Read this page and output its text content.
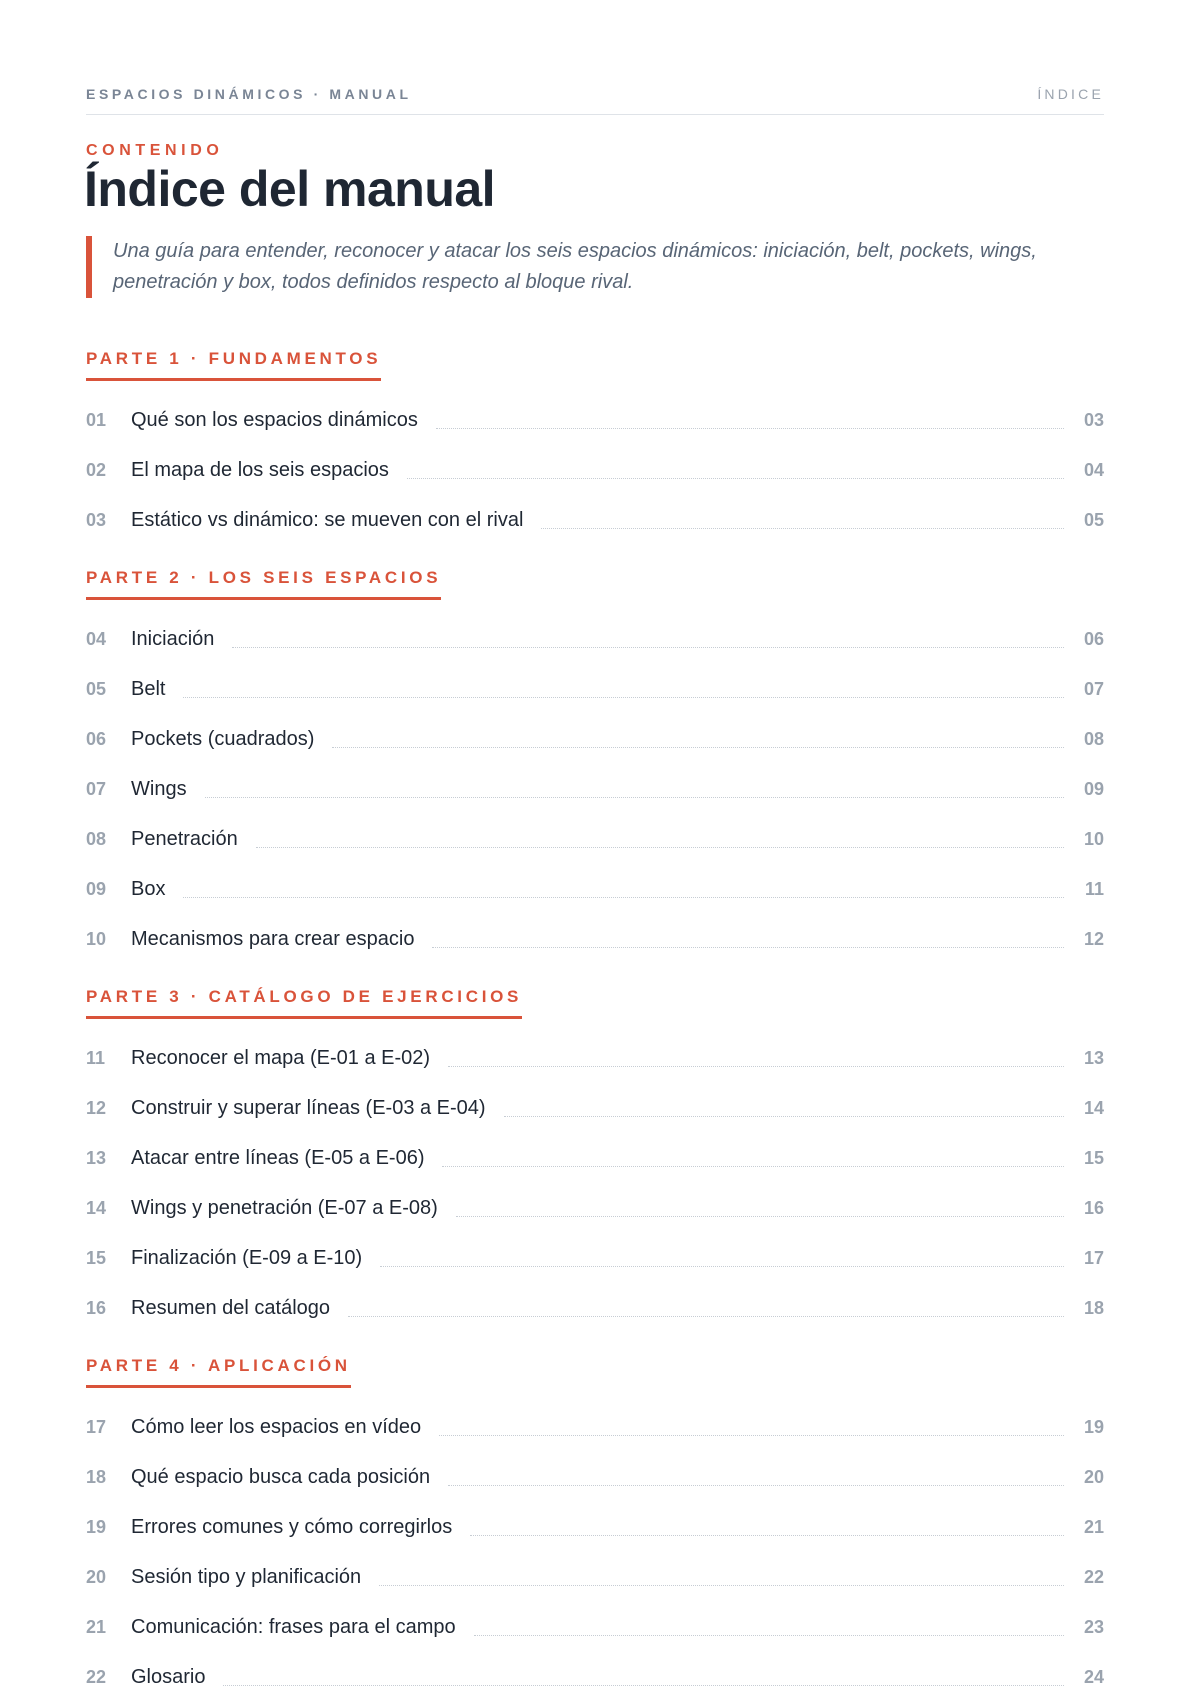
ESPACIOS DINÁMICOS · MANUAL	ÍNDICE
CONTENIDO
Índice del manual

Una guía para entender, reconocer y atacar los seis espacios dinámicos: iniciación, belt, pockets, wings, penetración y box, todos definidos respecto al bloque rival.

PARTE 1 · FUNDAMENTOS
01	Qué son los espacios dinámicos	03
02	El mapa de los seis espacios	04
03	Estático vs dinámico: se mueven con el rival	05
PARTE 2 · LOS SEIS ESPACIOS
04	Iniciación	06
05	Belt	07
06	Pockets (cuadrados)	08
07	Wings	09
08	Penetración	10
09	Box	11
10	Mecanismos para crear espacio	12
PARTE 3 · CATÁLOGO DE EJERCICIOS
11	Reconocer el mapa (E-01 a E-02)	13
12	Construir y superar líneas (E-03 a E-04)	14
13	Atacar entre líneas (E-05 a E-06)	15
14	Wings y penetración (E-07 a E-08)	16
15	Finalización (E-09 a E-10)	17
16	Resumen del catálogo	18
PARTE 4 · APLICACIÓN
17	Cómo leer los espacios en vídeo	19
18	Qué espacio busca cada posición	20
19	Errores comunes y cómo corregirlos	21
20	Sesión tipo y planificación	22
21	Comunicación: frases para el campo	23
22	Glosario	24
